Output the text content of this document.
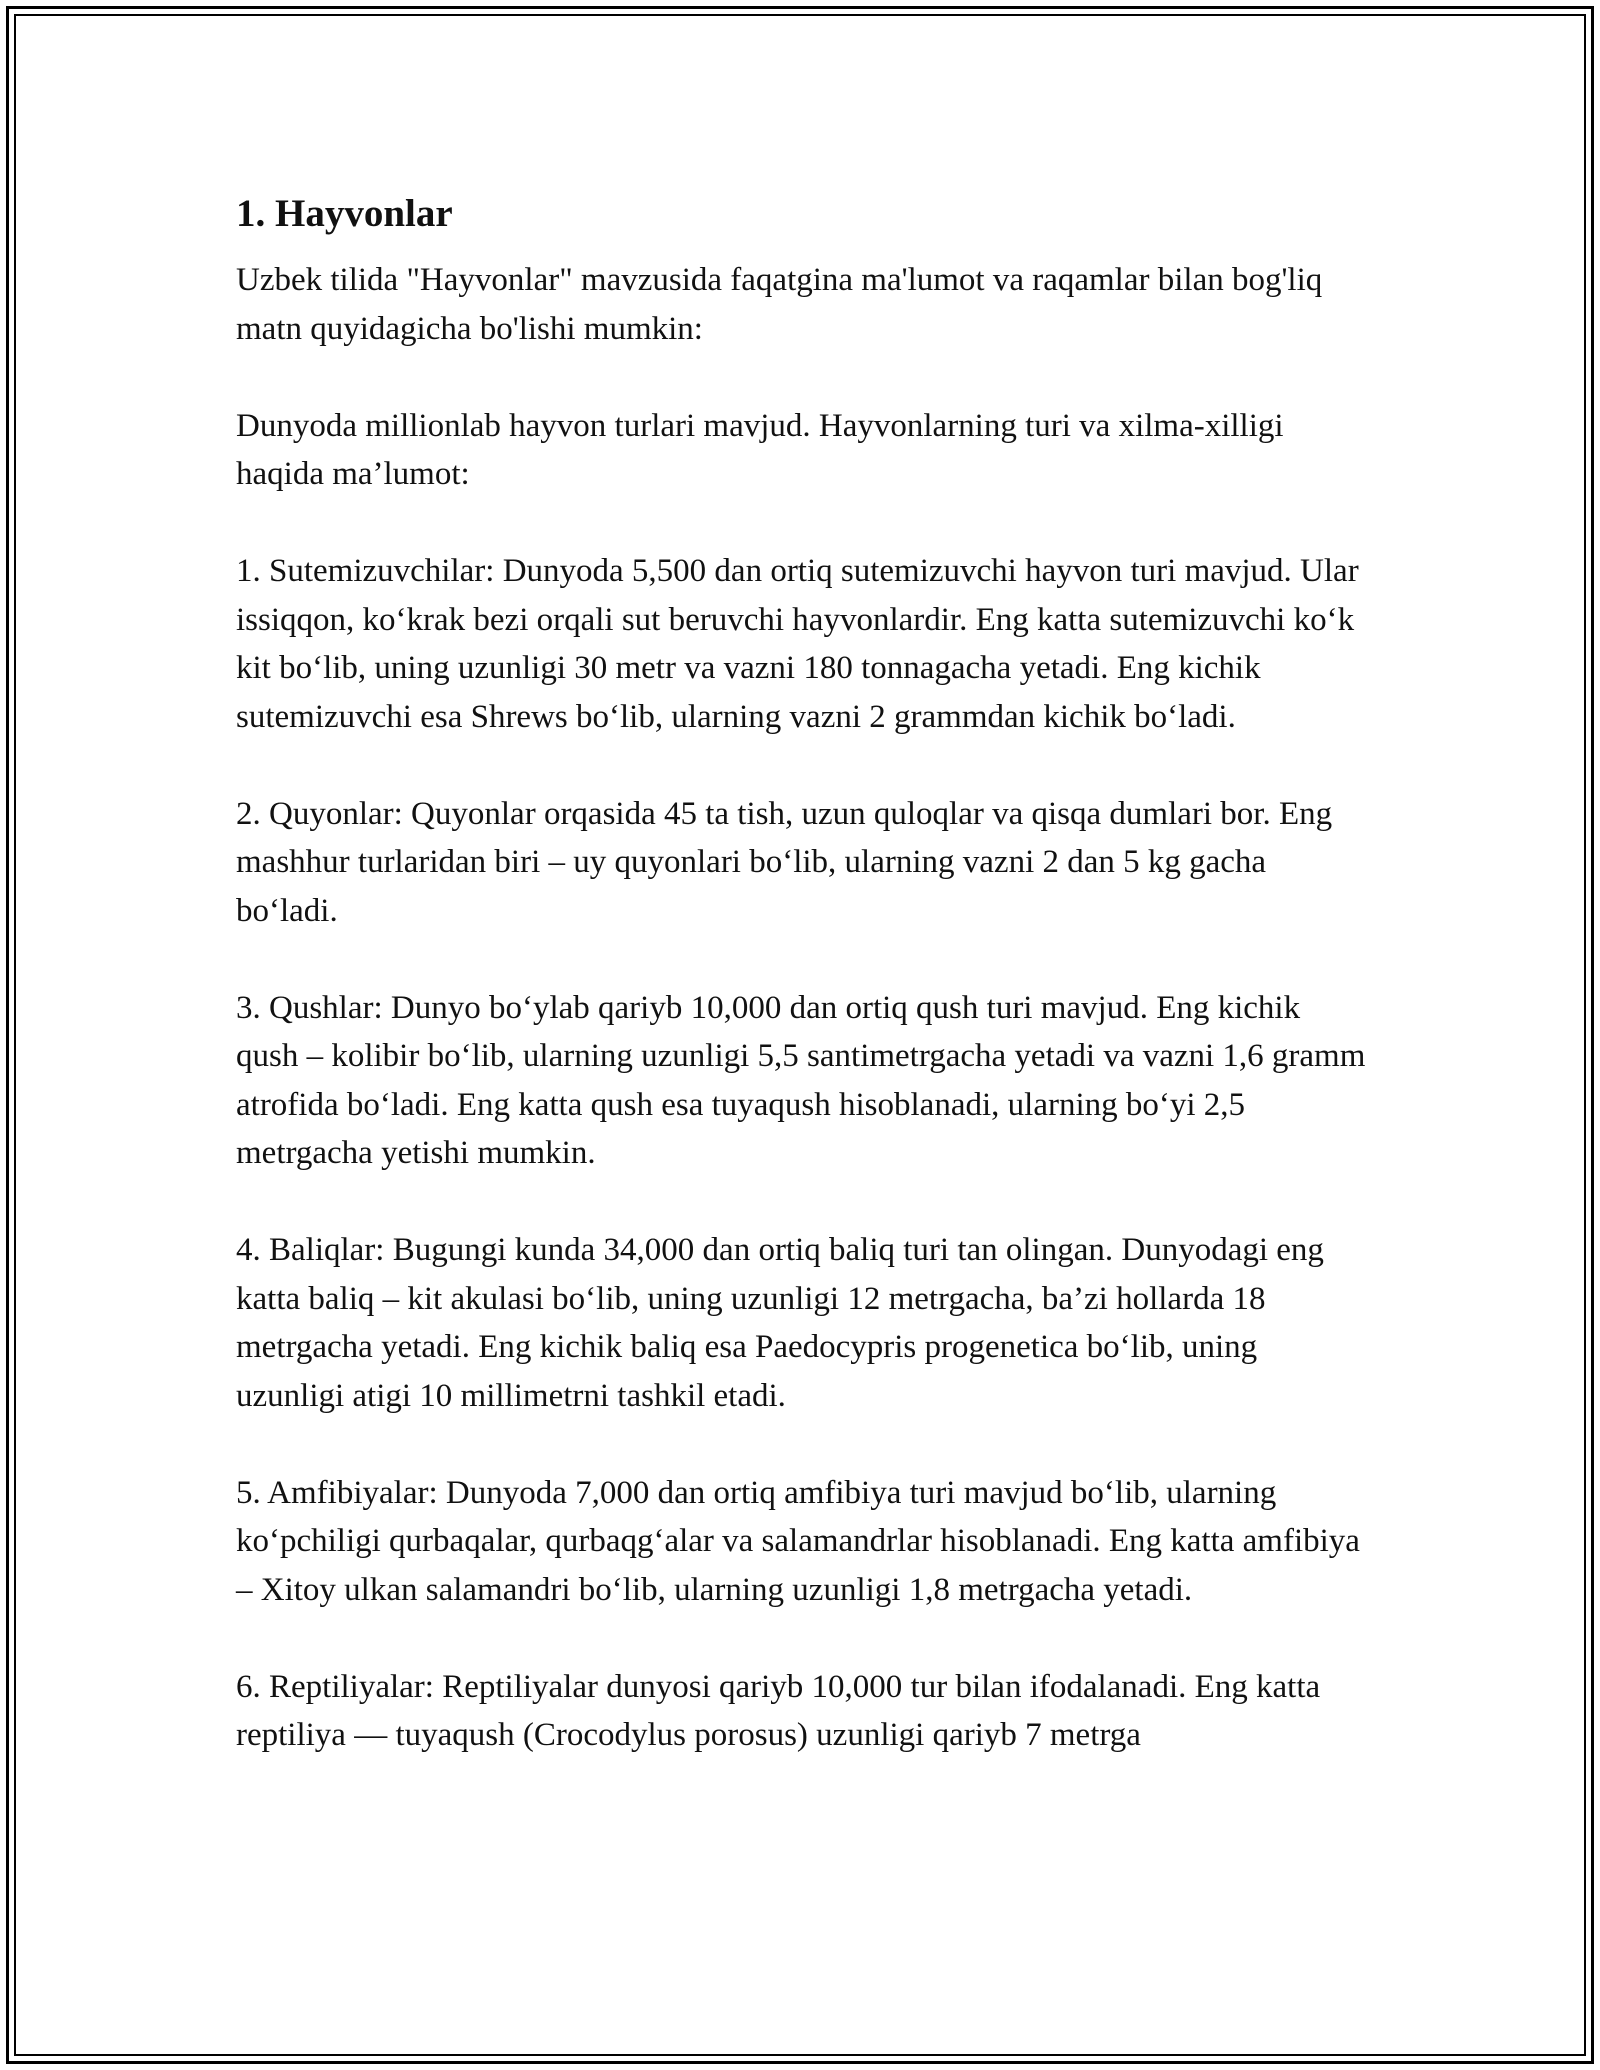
1. Hayvonlar

Uzbek tilida "Hayvonlar" mavzusida faqatgina ma'lumot va raqamlar bilan bog'liq matn quyidagicha bo'lishi mumkin:

Dunyoda millionlab hayvon turlari mavjud. Hayvonlarning turi va xilma-xilligi haqida ma’lumot:

1. Sutemizuvchilar: Dunyoda 5,500 dan ortiq sutemizuvchi hayvon turi mavjud. Ular issiqqon, ko‘krak bezi orqali sut beruvchi hayvonlardir. Eng katta sutemizuvchi ko‘k kit bo‘lib, uning uzunligi 30 metr va vazni 180 tonnagacha yetadi. Eng kichik sutemizuvchi esa Shrews bo‘lib, ularning vazni 2 grammdan kichik bo‘ladi.

2. Quyonlar: Quyonlar orqasida 45 ta tish, uzun quloqlar va qisqa dumlari bor. Eng mashhur turlaridan biri – uy quyonlari bo‘lib, ularning vazni 2 dan 5 kg gacha bo‘ladi.

3. Qushlar: Dunyo bo‘ylab qariyb 10,000 dan ortiq qush turi mavjud. Eng kichik qush – kolibir bo‘lib, ularning uzunligi 5,5 santimetrgacha yetadi va vazni 1,6 gramm atrofida bo‘ladi. Eng katta qush esa tuyaqush hisoblanadi, ularning bo‘yi 2,5 metrgacha yetishi mumkin.

4. Baliqlar: Bugungi kunda 34,000 dan ortiq baliq turi tan olingan. Dunyodagi eng katta baliq – kit akulasi bo‘lib, uning uzunligi 12 metrgacha, ba’zi hollarda 18 metrgacha yetadi. Eng kichik baliq esa Paedocypris progenetica bo‘lib, uning uzunligi atigi 10 millimetrni tashkil etadi.

5. Amfibiyalar: Dunyoda 7,000 dan ortiq amfibiya turi mavjud bo‘lib, ularning ko‘pchiligi qurbaqalar, qurbaqg‘alar va salamandrlar hisoblanadi. Eng katta amfibiya – Xitoy ulkan salamandri bo‘lib, ularning uzunligi 1,8 metrgacha yetadi.

6. Reptiliyalar: Reptiliyalar dunyosi qariyb 10,000 tur bilan ifodalanadi. Eng katta reptiliya — tuyaqush (Crocodylus porosus) uzunligi qariyb 7 metrga
